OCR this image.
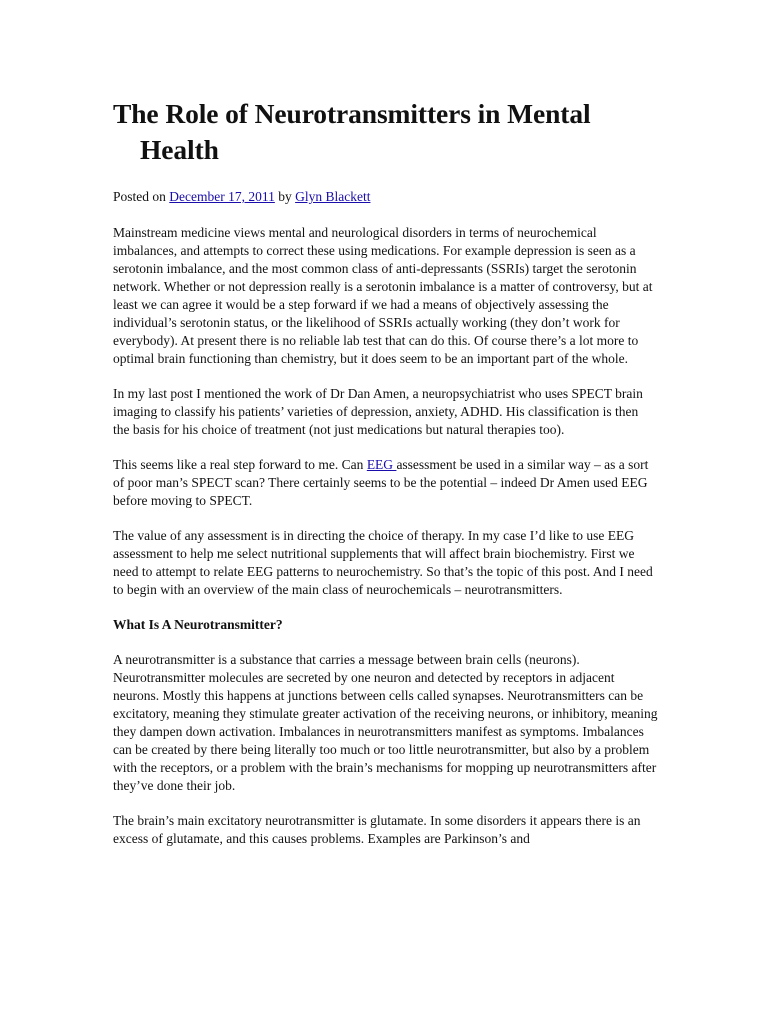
The Role of Neurotransmitters in Mental Health
Posted on December 17, 2011 by Glyn Blackett

Mainstream medicine views mental and neurological disorders in terms of neurochemical imbalances, and attempts to correct these using medications. For example depression is seen as a serotonin imbalance, and the most common class of anti-depressants (SSRIs) target the serotonin network. Whether or not depression really is a serotonin imbalance is a matter of controversy, but at least we can agree it would be a step forward if we had a means of objectively assessing the individual’s serotonin status, or the likelihood of SSRIs actually working (they don’t work for everybody). At present there is no reliable lab test that can do this. Of course there’s a lot more to optimal brain functioning than chemistry, but it does seem to be an important part of the whole.

In my last post I mentioned the work of Dr Dan Amen, a neuropsychiatrist who uses SPECT brain imaging to classify his patients’ varieties of depression, anxiety, ADHD. His classification is then the basis for his choice of treatment (not just medications but natural therapies too).

This seems like a real step forward to me. Can EEG assessment be used in a similar way – as a sort of poor man’s SPECT scan? There certainly seems to be the potential – indeed Dr Amen used EEG before moving to SPECT.

The value of any assessment is in directing the choice of therapy. In my case I’d like to use EEG assessment to help me select nutritional supplements that will affect brain biochemistry. First we need to attempt to relate EEG patterns to neurochemistry. So that’s the topic of this post. And I need to begin with an overview of the main class of neurochemicals – neurotransmitters.

What Is A Neurotransmitter?

A neurotransmitter is a substance that carries a message between brain cells (neurons). Neurotransmitter molecules are secreted by one neuron and detected by receptors in adjacent neurons. Mostly this happens at junctions between cells called synapses. Neurotransmitters can be excitatory, meaning they stimulate greater activation of the receiving neurons, or inhibitory, meaning they dampen down activation. Imbalances in neurotransmitters manifest as symptoms. Imbalances can be created by there being literally too much or too little neurotransmitter, but also by a problem with the receptors, or a problem with the brain’s mechanisms for mopping up neurotransmitters after they’ve done their job.

The brain’s main excitatory neurotransmitter is glutamate. In some disorders it appears there is an excess of glutamate, and this causes problems. Examples are Parkinson’s and
